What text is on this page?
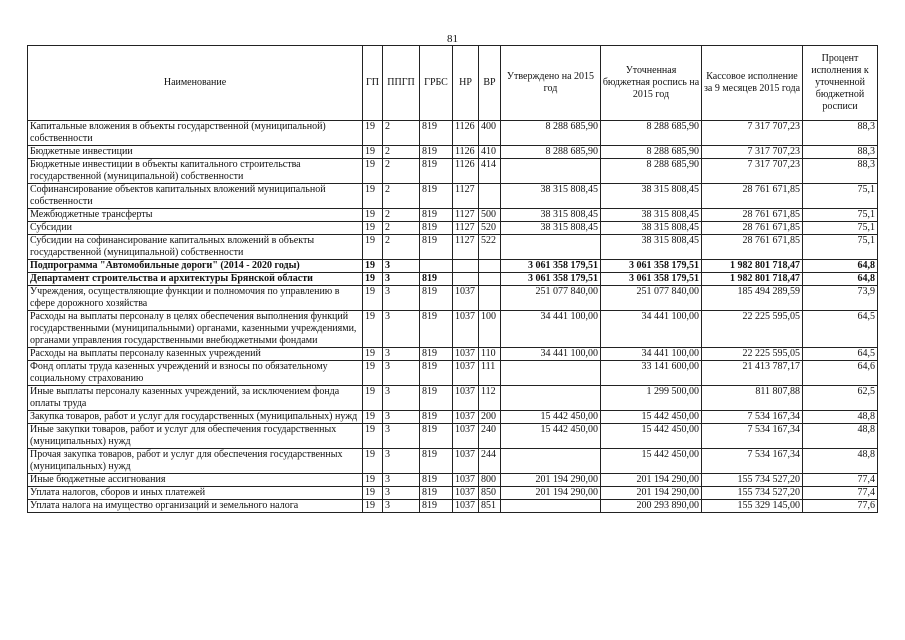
81
Наименование	ГП	ППГП	ГРБС	НР	ВР	Утверждено на 2015 год	Уточненная бюджетная роспись на 2015 год	Кассовое исполнение за 9 месяцев 2015 года	Процент исполнения к уточненной бюджетной росписи
Капитальные вложения в объекты государственной (муниципальной) собственности	19	2	819	1126	400	8 288 685,90	8 288 685,90	7 317 707,23	88,3
Бюджетные инвестиции	19	2	819	1126	410	8 288 685,90	8 288 685,90	7 317 707,23	88,3
Бюджетные инвестиции в объекты капитального строительства государственной (муниципальной) собственности	19	2	819	1126	414		8 288 685,90	7 317 707,23	88,3
Софинансирование объектов капитальных вложений муниципальной собственности	19	2	819	1127		38 315 808,45	38 315 808,45	28 761 671,85	75,1
Межбюджетные трансферты	19	2	819	1127	500	38 315 808,45	38 315 808,45	28 761 671,85	75,1
Субсидии	19	2	819	1127	520	38 315 808,45	38 315 808,45	28 761 671,85	75,1
Субсидии на софинансирование капитальных вложений в объекты государственной (муниципальной) собственности	19	2	819	1127	522		38 315 808,45	28 761 671,85	75,1
Подпрограмма "Автомобильные дороги" (2014 - 2020 годы)	19	3				3 061 358 179,51	3 061 358 179,51	1 982 801 718,47	64,8
Департамент строительства и архитектуры Брянской области	19	3	819			3 061 358 179,51	3 061 358 179,51	1 982 801 718,47	64,8
Учреждения, осуществляющие функции и полномочия по управлению в сфере дорожного хозяйства	19	3	819	1037		251 077 840,00	251 077 840,00	185 494 289,59	73,9
Расходы на выплаты персоналу в целях обеспечения выполнения функций государственными (муниципальными) органами, казенными учреждениями, органами управления государственными внебюджетными фондами	19	3	819	1037	100	34 441 100,00	34 441 100,00	22 225 595,05	64,5
Расходы на выплаты персоналу казенных учреждений	19	3	819	1037	110	34 441 100,00	34 441 100,00	22 225 595,05	64,5
Фонд оплаты труда казенных учреждений и взносы по обязательному социальному страхованию	19	3	819	1037	111		33 141 600,00	21 413 787,17	64,6
Иные выплаты персоналу казенных учреждений, за исключением фонда оплаты труда	19	3	819	1037	112		1 299 500,00	811 807,88	62,5
Закупка товаров, работ и услуг для государственных (муниципальных) нужд	19	3	819	1037	200	15 442 450,00	15 442 450,00	7 534 167,34	48,8
Иные закупки товаров, работ и услуг для обеспечения государственных (муниципальных) нужд	19	3	819	1037	240	15 442 450,00	15 442 450,00	7 534 167,34	48,8
Прочая закупка товаров, работ и услуг для обеспечения государственных (муниципальных) нужд	19	3	819	1037	244		15 442 450,00	7 534 167,34	48,8
Иные бюджетные ассигнования	19	3	819	1037	800	201 194 290,00	201 194 290,00	155 734 527,20	77,4
Уплата налогов, сборов и иных платежей	19	3	819	1037	850	201 194 290,00	201 194 290,00	155 734 527,20	77,4
Уплата налога на имущество организаций и земельного налога	19	3	819	1037	851		200 293 890,00	155 329 145,00	77,6
